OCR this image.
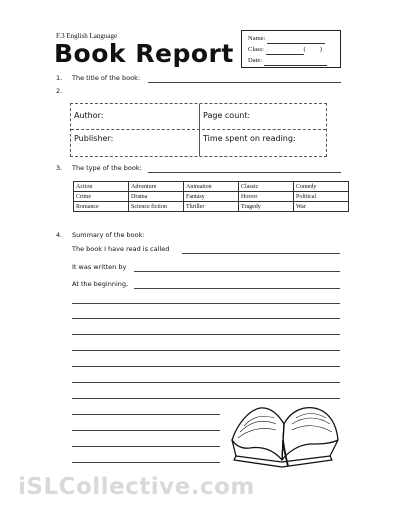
F.3 English Language
Book Report
Name:
Class:	( )
Date:
1. The title of the book:
2.
Author:	Page count:
Publisher:	Time spent on reading:
3. The type of the book:
Action	Adventure	Animation	Classic	Comedy
Crime	Drama	Fantasy	Horror	Political
Romance	Science fiction	Thriller	Tragedy	War
4. Summary of the book:
The book I have read is called
It was written by
At the beginning,
iSLCollective.com
